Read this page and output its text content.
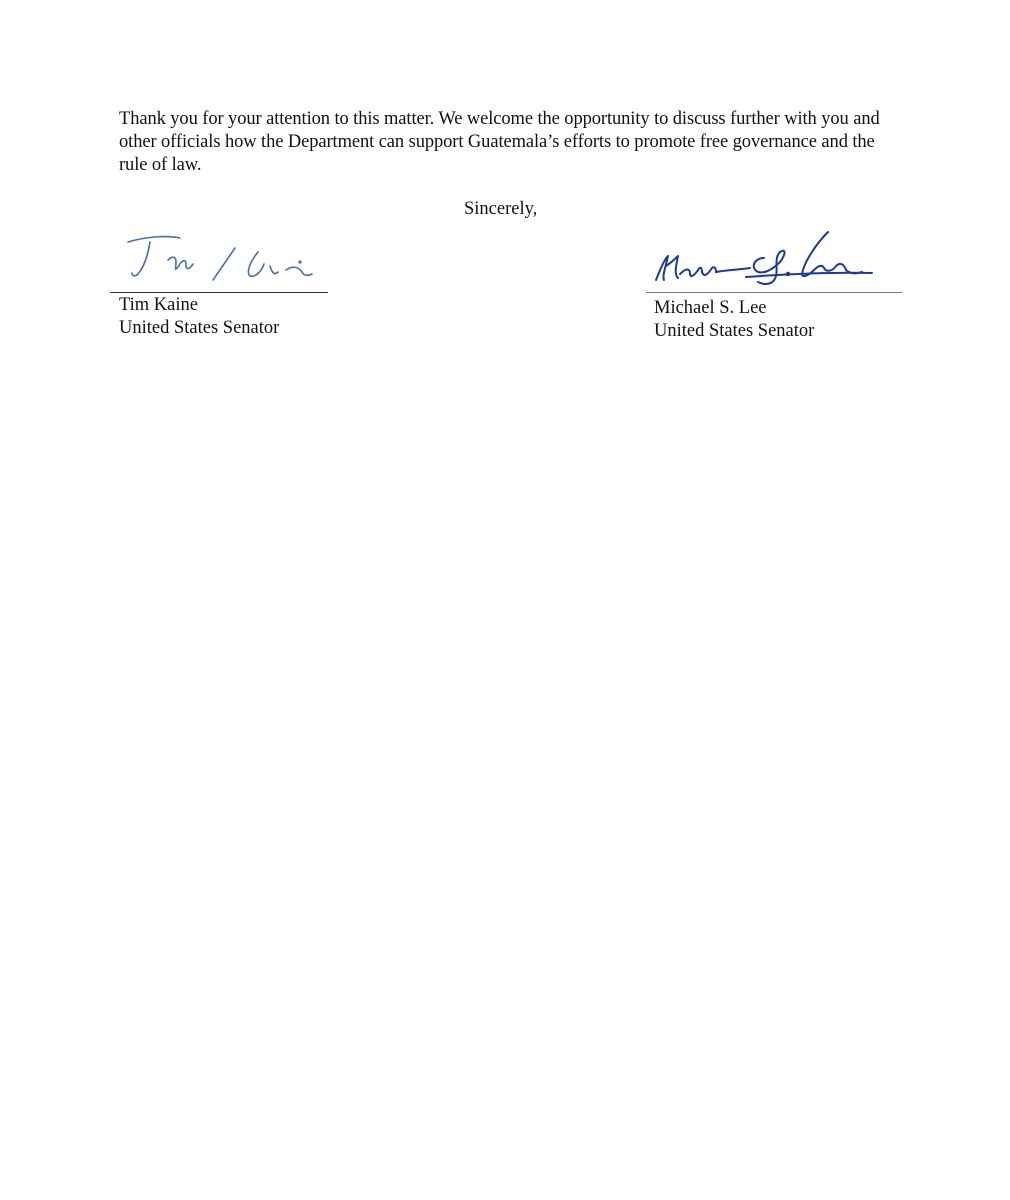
Thank you for your attention to this matter. We welcome the opportunity to discuss further with you and other officials how the Department can support Guatemala’s efforts to promote free governance and the rule of law.

Sincerely,

Tim Kaine

United States Senator

Michael S. Lee

United States Senator
